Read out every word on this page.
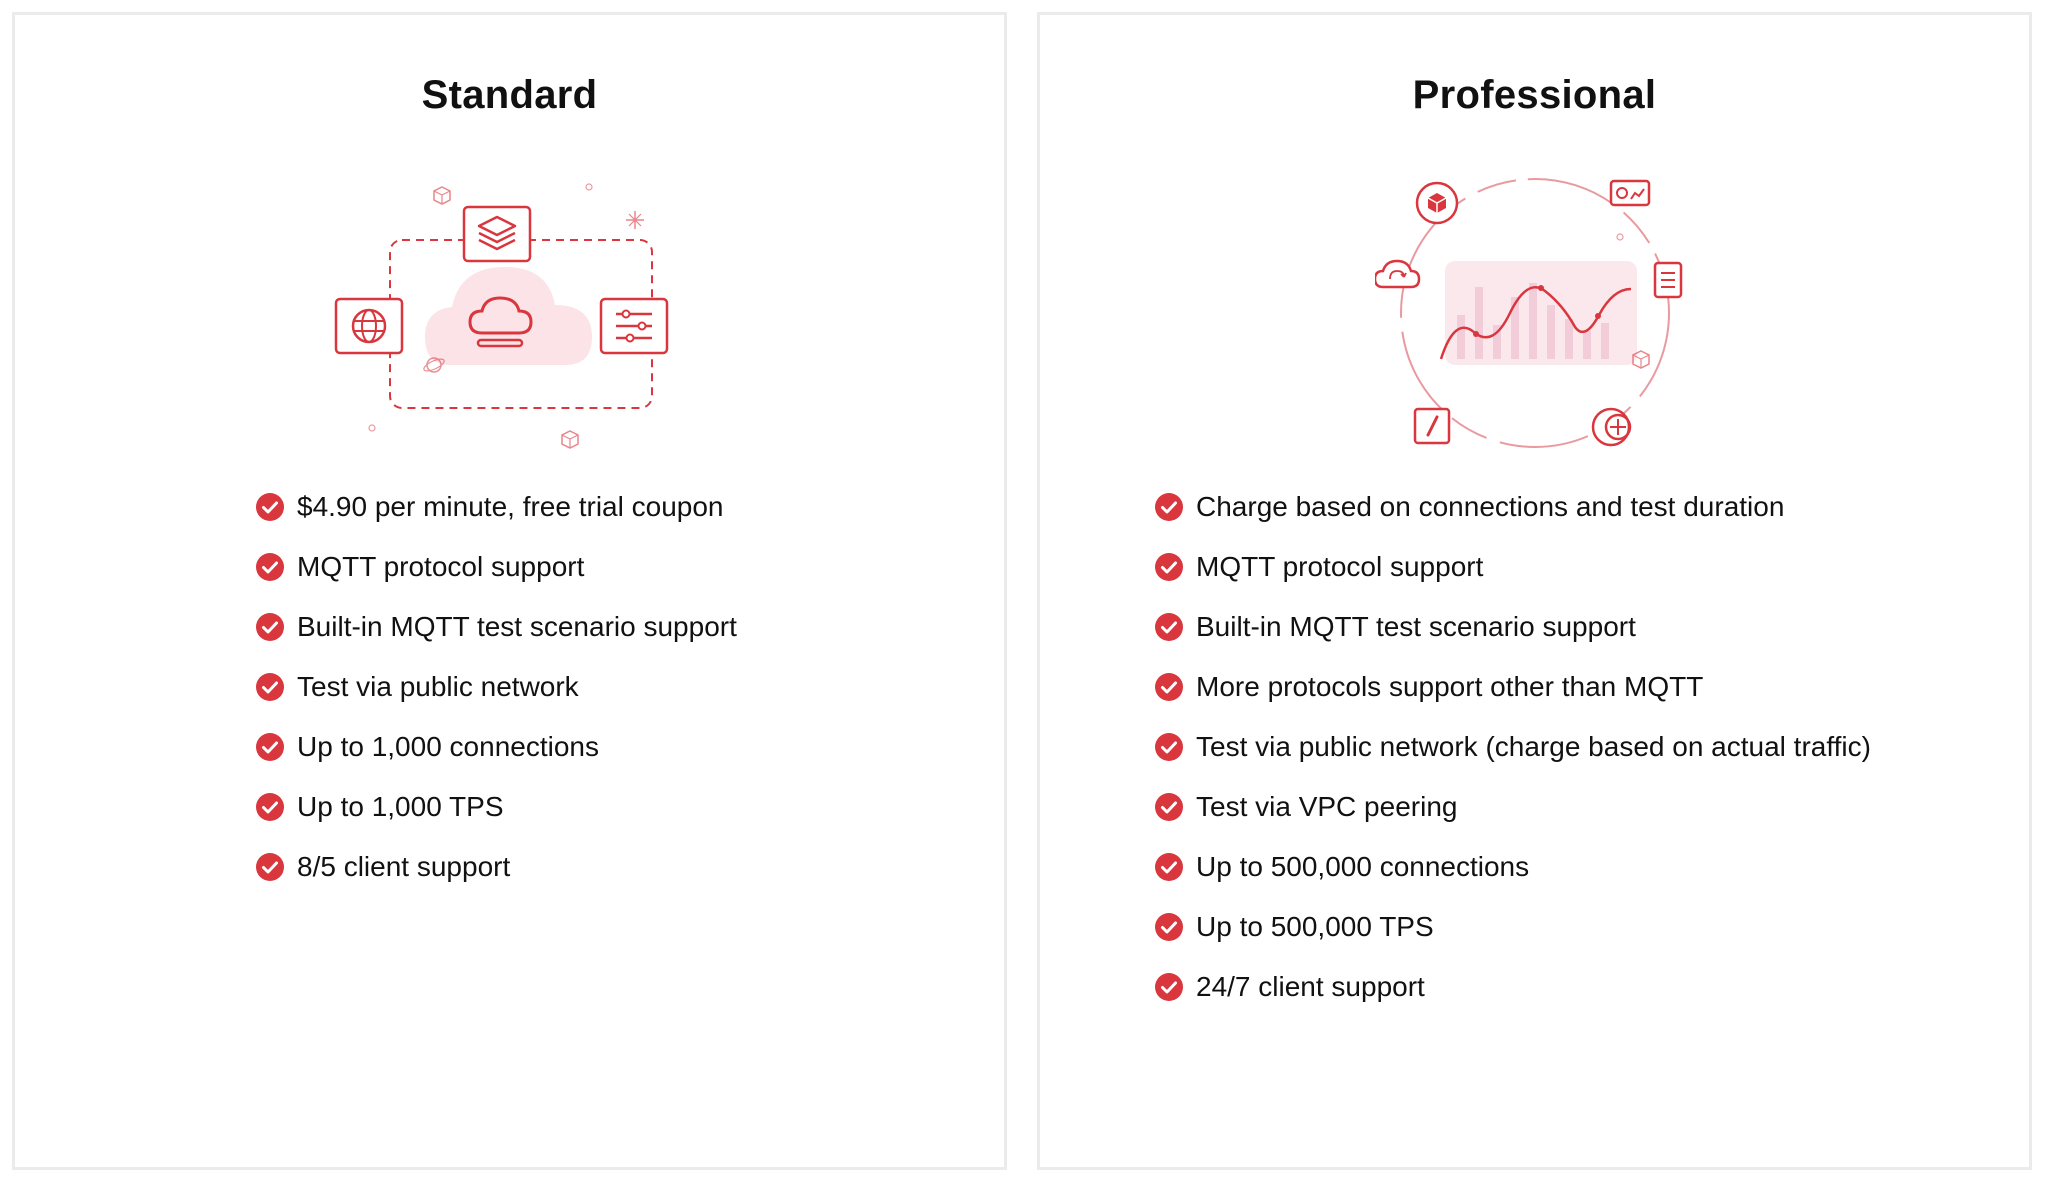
Standard
$4.90 per minute, free trial coupon
MQTT protocol support
Built-in MQTT test scenario support
Test via public network
Up to 1,000 connections
Up to 1,000 TPS
8/5 client support
Professional
Charge based on connections and test duration
MQTT protocol support
Built-in MQTT test scenario support
More protocols support other than MQTT
Test via public network (charge based on actual traffic)
Test via VPC peering
Up to 500,000 connections
Up to 500,000 TPS
24/7 client support
